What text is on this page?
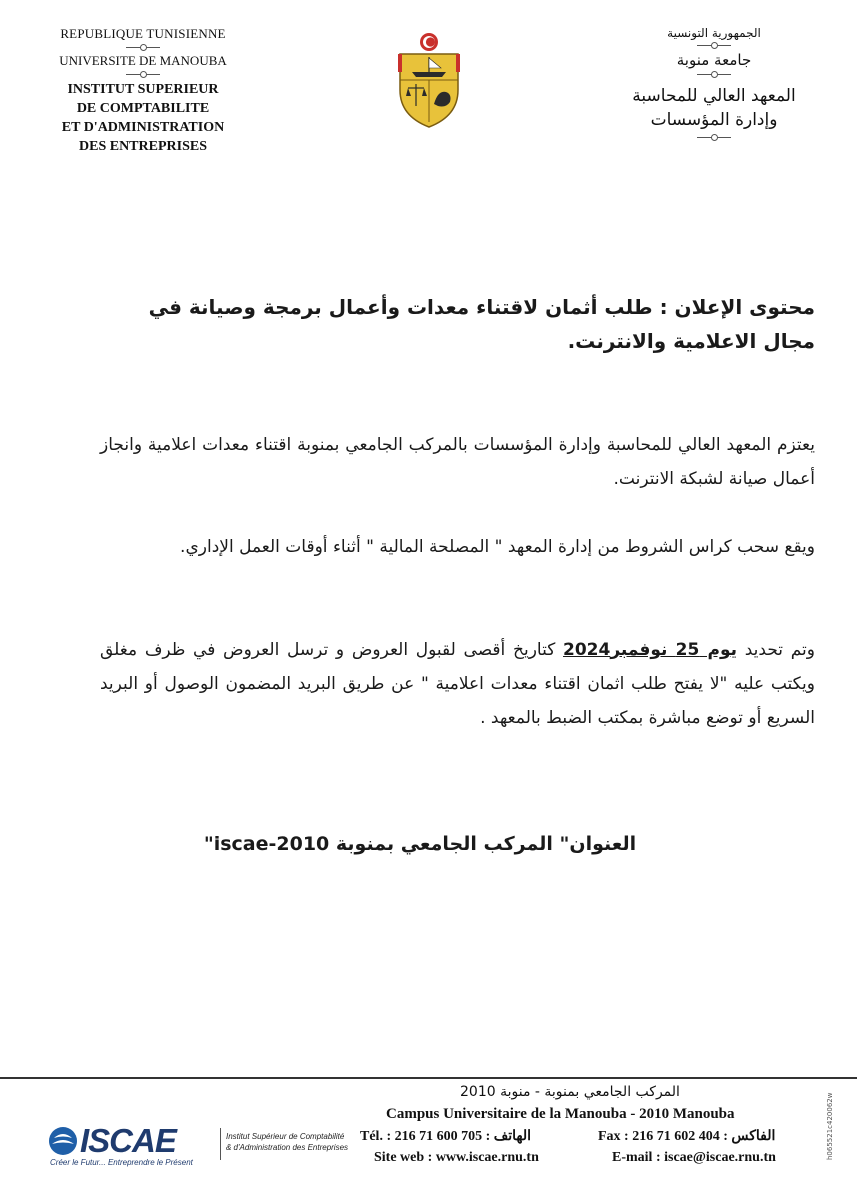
REPUBLIQUE TUNISIENNE
UNIVERSITE DE MANOUBA
INSTITUT SUPERIEUR
DE COMPTABILITE
ET D'ADMINISTRATION
DES ENTREPRISES
الجمهورية التونسية
جامعة منوبة
المعهد العالي للمحاسبة
وإدارة المؤسسات
محتوى الإعلان : طلب أثمان لاقتناء معدات وأعمال برمجة وصيانة في مجال الاعلامية والانترنت.
يعتزم المعهد العالي للمحاسبة وإدارة المؤسسات بالمركب الجامعي بمنوبة اقتناء معدات اعلامية وانجاز أعمال صيانة لشبكة الانترنت.
ويقع سحب كراس الشروط من إدارة المعهد " المصلحة المالية " أثناء أوقات العمل الإداري.
وتم تحديد يوم 25 نوفمبر2024 كتاريخ أقصى لقبول العروض و ترسل العروض في ظرف مغلق ويكتب عليه "لا يفتح طلب اثمان اقتناء معدات اعلامية " عن طريق البريد المضمون الوصول أو البريد السريع أو توضع مباشرة بمكتب الضبط بالمعهد .
العنوان" المركب الجامعي بمنوبة iscae-2010"
ISCAE
Créer le Futur... Entreprendre le Présent
Institut Supérieur de Comptabilité
& d'Administration des Entreprises
المركب الجامعي بمنوبة - منوبة 2010
Campus Universitaire de la Manouba - 2010 Manouba
Tél. : 216 71 600 705 : الهاتف	Fax : 216 71 602 404 : الفاكس
Site web : www.iscae.rnu.tn	E-mail : iscae@iscae.rnu.tn	h065521c420062w
